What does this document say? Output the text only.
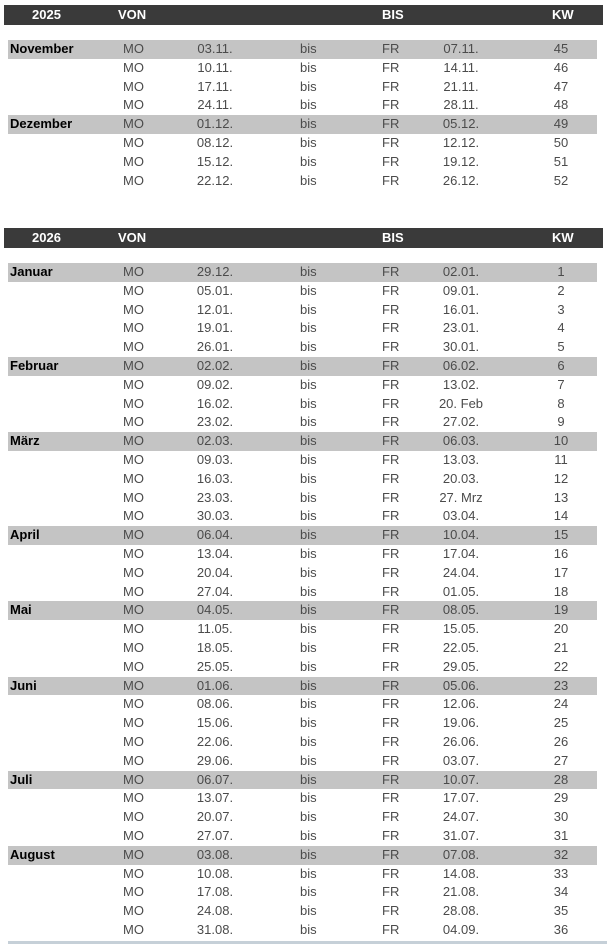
2025	VON	BIS	KW
November	MO	03.11.	bis	FR	07.11.	45
MO	10.11.	bis	FR	14.11.	46
MO	17.11.	bis	FR	21.11.	47
MO	24.11.	bis	FR	28.11.	48
Dezember	MO	01.12.	bis	FR	05.12.	49
MO	08.12.	bis	FR	12.12.	50
MO	15.12.	bis	FR	19.12.	51
MO	22.12.	bis	FR	26.12.	52
2026	VON	BIS	KW
Januar	MO	29.12.	bis	FR	02.01.	1
MO	05.01.	bis	FR	09.01.	2
MO	12.01.	bis	FR	16.01.	3
MO	19.01.	bis	FR	23.01.	4
MO	26.01.	bis	FR	30.01.	5
Februar	MO	02.02.	bis	FR	06.02.	6
MO	09.02.	bis	FR	13.02.	7
MO	16.02.	bis	FR	20. Feb	8
MO	23.02.	bis	FR	27.02.	9
März	MO	02.03.	bis	FR	06.03.	10
MO	09.03.	bis	FR	13.03.	11
MO	16.03.	bis	FR	20.03.	12
MO	23.03.	bis	FR	27. Mrz	13
MO	30.03.	bis	FR	03.04.	14
April	MO	06.04.	bis	FR	10.04.	15
MO	13.04.	bis	FR	17.04.	16
MO	20.04.	bis	FR	24.04.	17
MO	27.04.	bis	FR	01.05.	18
Mai	MO	04.05.	bis	FR	08.05.	19
MO	11.05.	bis	FR	15.05.	20
MO	18.05.	bis	FR	22.05.	21
MO	25.05.	bis	FR	29.05.	22
Juni	MO	01.06.	bis	FR	05.06.	23
MO	08.06.	bis	FR	12.06.	24
MO	15.06.	bis	FR	19.06.	25
MO	22.06.	bis	FR	26.06.	26
MO	29.06.	bis	FR	03.07.	27
Juli	MO	06.07.	bis	FR	10.07.	28
MO	13.07.	bis	FR	17.07.	29
MO	20.07.	bis	FR	24.07.	30
MO	27.07.	bis	FR	31.07.	31
August	MO	03.08.	bis	FR	07.08.	32
MO	10.08.	bis	FR	14.08.	33
MO	17.08.	bis	FR	21.08.	34
MO	24.08.	bis	FR	28.08.	35
MO	31.08.	bis	FR	04.09.	36
